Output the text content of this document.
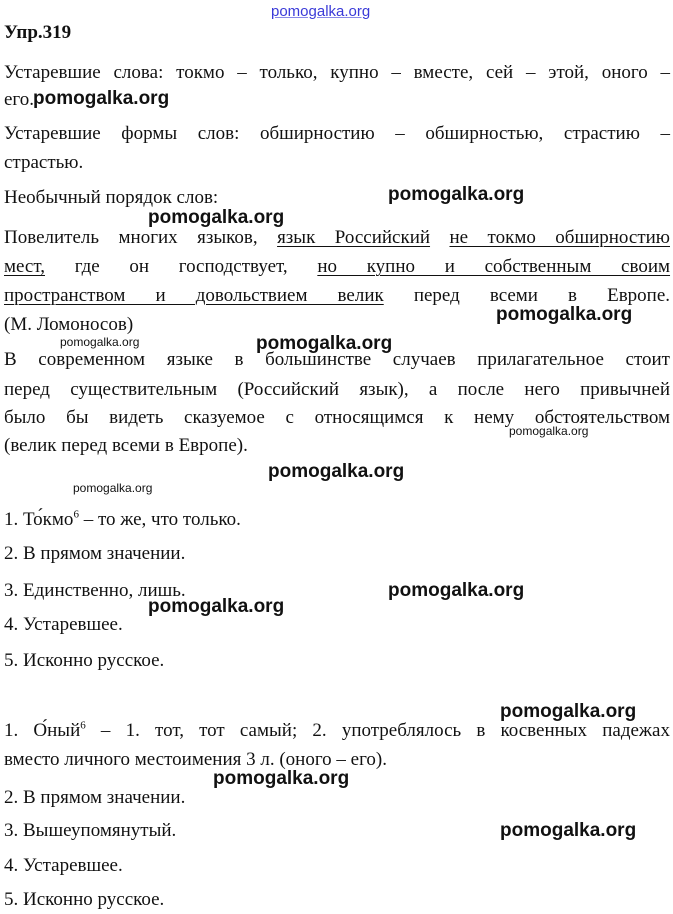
pomogalka.org
Упр.319
Устаревшие слова: токмо – только, купно – вместе, сей – этой, оного –
его.
Устаревшие формы слов: обширностию – обширностью, страстию –
страстью.
Необычный порядок слов:
Повелитель многих языков, язык Российский не токмо обширностию
мест, где он господствует, но купно и собственным своим
пространством и довольствием велик перед всеми в Европе.
(М. Ломоносов)
В современном языке в большинстве случаев прилагательное стоит
перед существительным (Российский язык), а после него привычней
было бы видеть сказуемое с относящимся к нему обстоятельством
(велик перед всеми в Европе).
1. То́кмо$^6$ – то же, что только.
2. В прямом значении.
3. Единственно, лишь.
4. Устаревшее.
5. Исконно русское.
1. О́ный$^6$ – 1. тот, тот самый; 2. употреблялось в косвенных падежах
вместо личного местоимения 3 л. (оного – его).
2. В прямом значении.
3. Вышеупомянутый.
4. Устаревшее.
5. Исконно русское.
pomogalka.org
pomogalka.org
pomogalka.org
pomogalka.org
pomogalka.org	pomogalka.org
pomogalka.org
pomogalka.org
pomogalka.org
pomogalka.org
pomogalka.org
pomogalka.org
pomogalka.org
pomogalka.org
